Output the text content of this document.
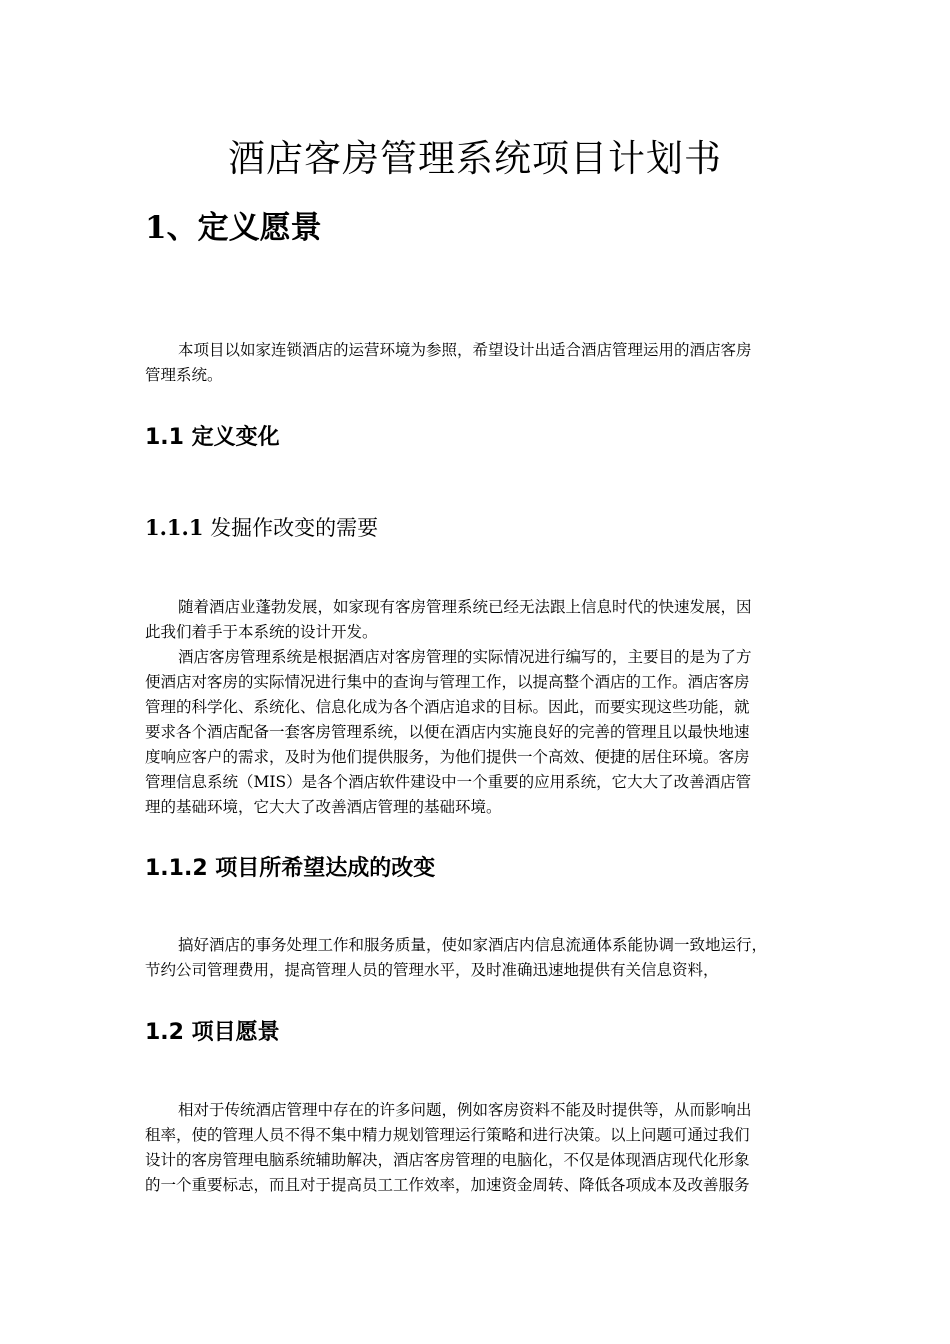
酒店客房管理系统项目计划书
1、定义愿景
本项目以如家连锁酒店的运营环境为参照，希望设计出适合酒店管理运用的酒店客房
管理系统。
1.1 定义变化
1.1.1 发掘作改变的需要
随着酒店业蓬勃发展，如家现有客房管理系统已经无法跟上信息时代的快速发展，因
此我们着手于本系统的设计开发。
酒店客房管理系统是根据酒店对客房管理的实际情况进行编写的，主要目的是为了方
便酒店对客房的实际情况进行集中的查询与管理工作，以提高整个酒店的工作。酒店客房
管理的科学化、系统化、信息化成为各个酒店追求的目标。因此，而要实现这些功能，就
要求各个酒店配备一套客房管理系统，以便在酒店内实施良好的完善的管理且以最快地速
度响应客户的需求，及时为他们提供服务，为他们提供一个高效、便捷的居住环境。客房
管理信息系统（MIS）是各个酒店软件建设中一个重要的应用系统，它大大了改善酒店管
理的基础环境，它大大了改善酒店管理的基础环境。
1.1.2 项目所希望达成的改变
搞好酒店的事务处理工作和服务质量，使如家酒店内信息流通体系能协调一致地运行，
节约公司管理费用，提高管理人员的管理水平，及时准确迅速地提供有关信息资料，
1.2 项目愿景
相对于传统酒店管理中存在的许多问题，例如客房资料不能及时提供等，从而影响出
租率，使的管理人员不得不集中精力规划管理运行策略和进行决策。以上问题可通过我们
设计的客房管理电脑系统辅助解决，酒店客房管理的电脑化，不仅是体现酒店现代化形象
的一个重要标志，而且对于提高员工工作效率，加速资金周转、降低各项成本及改善服务
